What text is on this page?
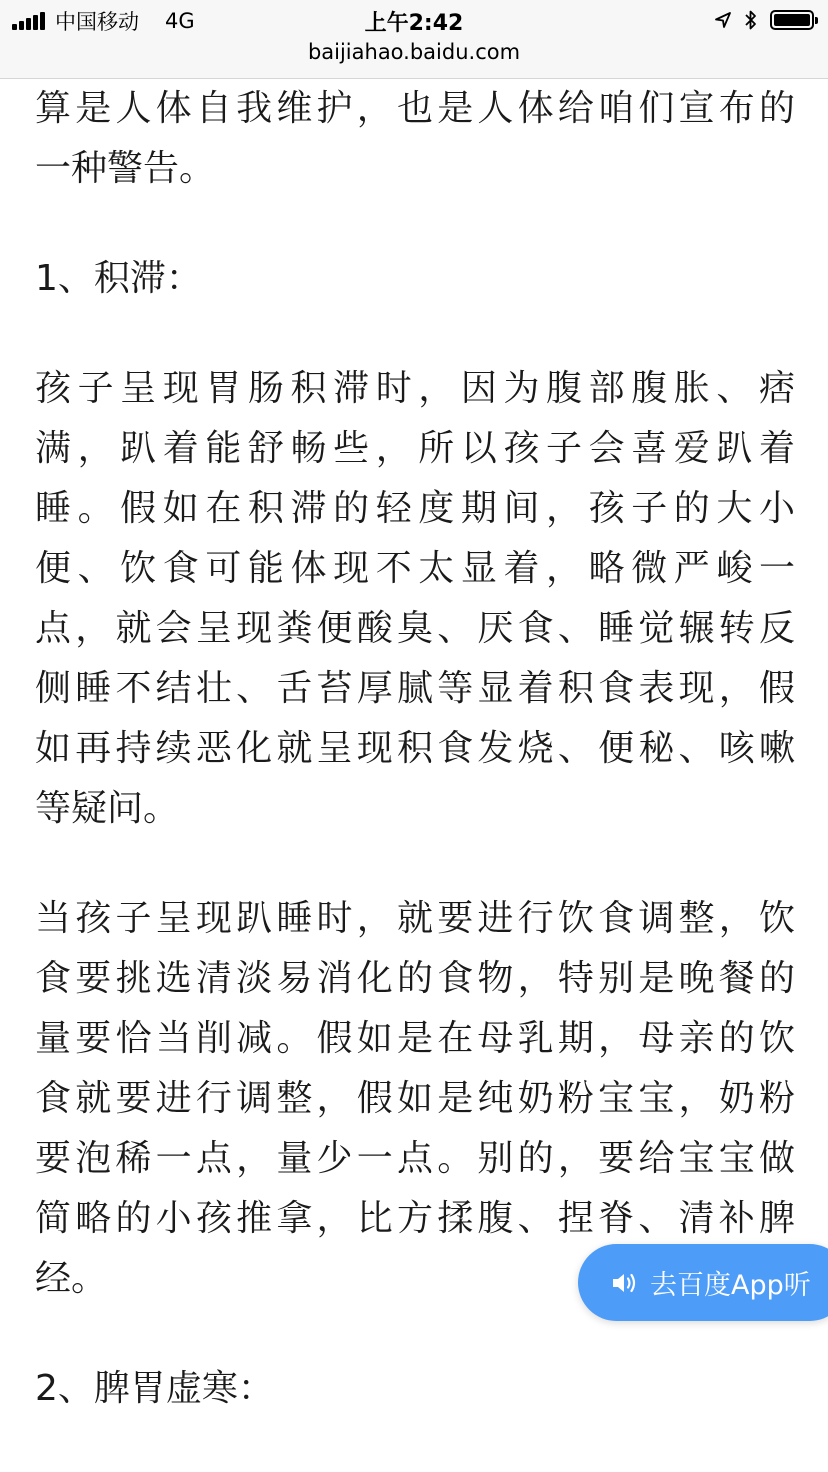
中国移动 4G	上午2:42
baijiahao.baidu.com
算是人体自我维护，也是人体给咱们宣布的
一种警告。
1、积滞：
孩子呈现胃肠积滞时，因为腹部腹胀、痞
满，趴着能舒畅些，所以孩子会喜爱趴着
睡。假如在积滞的轻度期间，孩子的大小
便、饮食可能体现不太显着，略微严峻一
点，就会呈现粪便酸臭、厌食、睡觉辗转反
侧睡不结壮、舌苔厚腻等显着积食表现，假
如再持续恶化就呈现积食发烧、便秘、咳嗽
等疑问。
当孩子呈现趴睡时，就要进行饮食调整，饮
食要挑选清淡易消化的食物，特别是晚餐的
量要恰当削减。假如是在母乳期，母亲的饮
食就要进行调整，假如是纯奶粉宝宝，奶粉
要泡稀一点，量少一点。别的，要给宝宝做
简略的小孩推拿，比方揉腹、捏脊、清补脾
经。
2、脾胃虚寒：
去百度App听
